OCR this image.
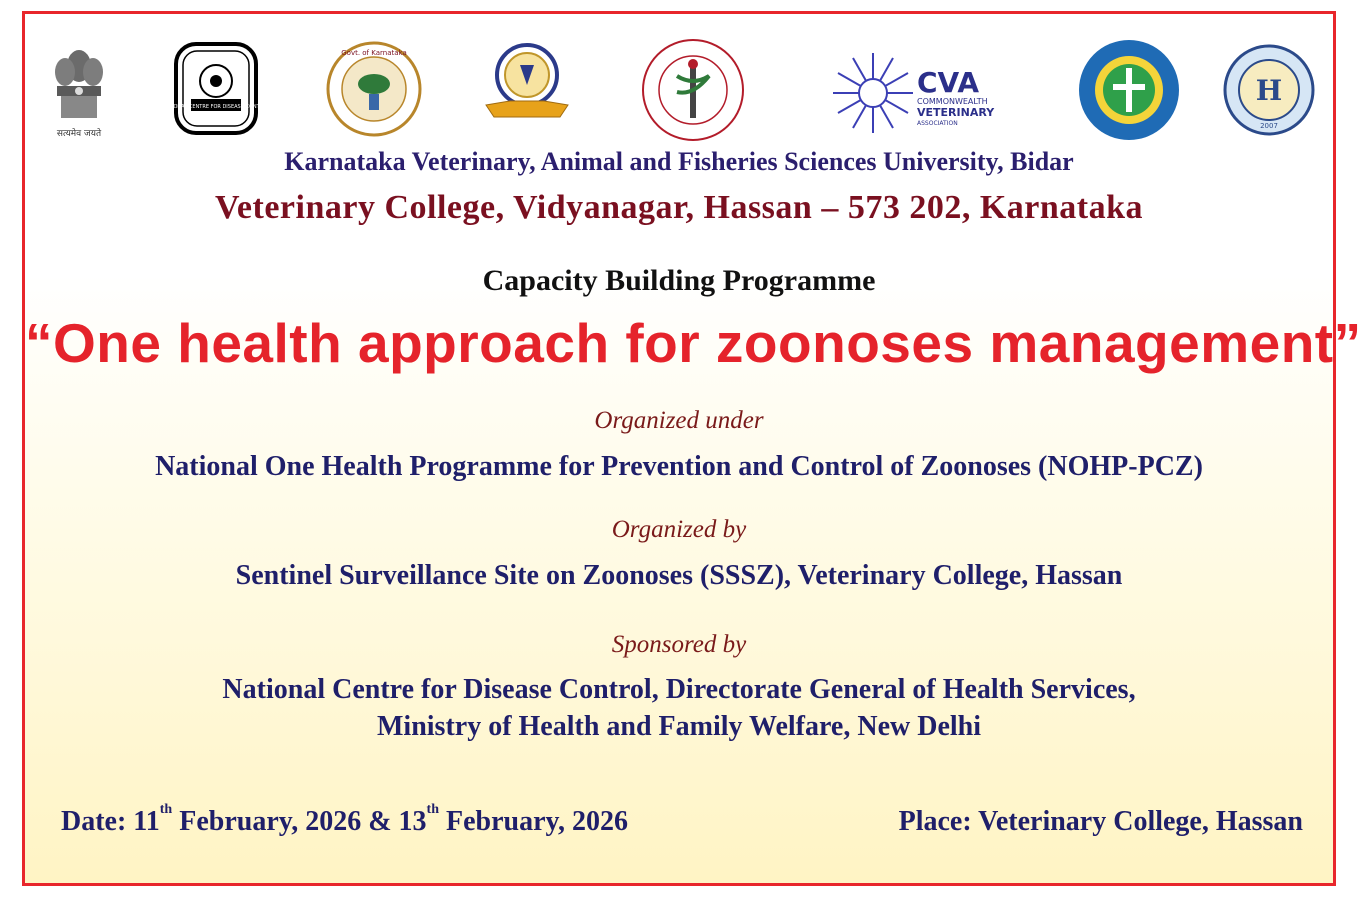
सत्यमेव जयते
NATIONAL CENTRE FOR DISEASE CONTROL
Govt. of Karnataka
CVA
COMMONWEALTH
VETERINARY
ASSOCIATION
H
2007
Karnataka Veterinary, Animal and Fisheries Sciences University, Bidar
Veterinary College, Vidyanagar, Hassan – 573 202, Karnataka
Capacity Building Programme
“One health approach for zoonoses management”
Organized under
National One Health Programme for Prevention and Control of Zoonoses (NOHP-PCZ)
Organized by
Sentinel Surveillance Site on Zoonoses (SSSZ), Veterinary College, Hassan
Sponsored by
National Centre for Disease Control, Directorate General of Health Services,
Ministry of Health and Family Welfare, New Delhi
Date: 11th February, 2026 & 13th February, 2026	Place: Veterinary College, Hassan
